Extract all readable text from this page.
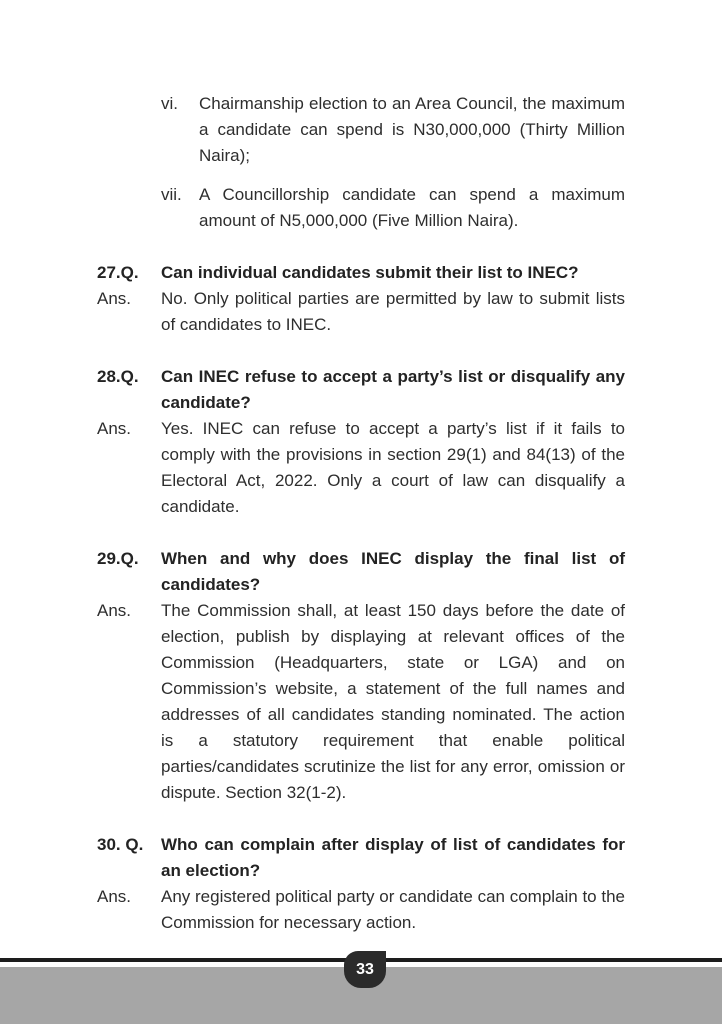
vi.	Chairmanship election to an Area Council, the maximum a candidate can spend is N30,000,000 (Thirty Million Naira);
vii.	A Councillorship candidate can spend a maximum amount of N5,000,000 (Five Million Naira).
27.Q.	Can individual candidates submit their list to INEC?
Ans.	No. Only political parties are permitted by law to submit lists of candidates to INEC.
28.Q.	Can INEC refuse to accept a party’s list or disqualify any candidate?
Ans.	Yes. INEC can refuse to accept a party’s list if it fails to comply with the provisions in section 29(1) and 84(13) of the Electoral Act, 2022. Only a court of law can disqualify a candidate.
29.Q.	When and why does INEC display the final list of candidates?
Ans.	The Commission shall, at least 150 days before the date of election, publish by displaying at relevant offices of the Commission (Headquarters, state or LGA) and on Commission’s website, a statement of the full names and addresses of all candidates standing nominated. The action is a statutory requirement that enable political parties/candidates scrutinize the list for any error, omission or dispute. Section 32(1-2).
30. Q.	Who can complain after display of list of candidates for an election?
Ans.	Any registered political party or candidate can complain to the Commission for necessary action.
33
